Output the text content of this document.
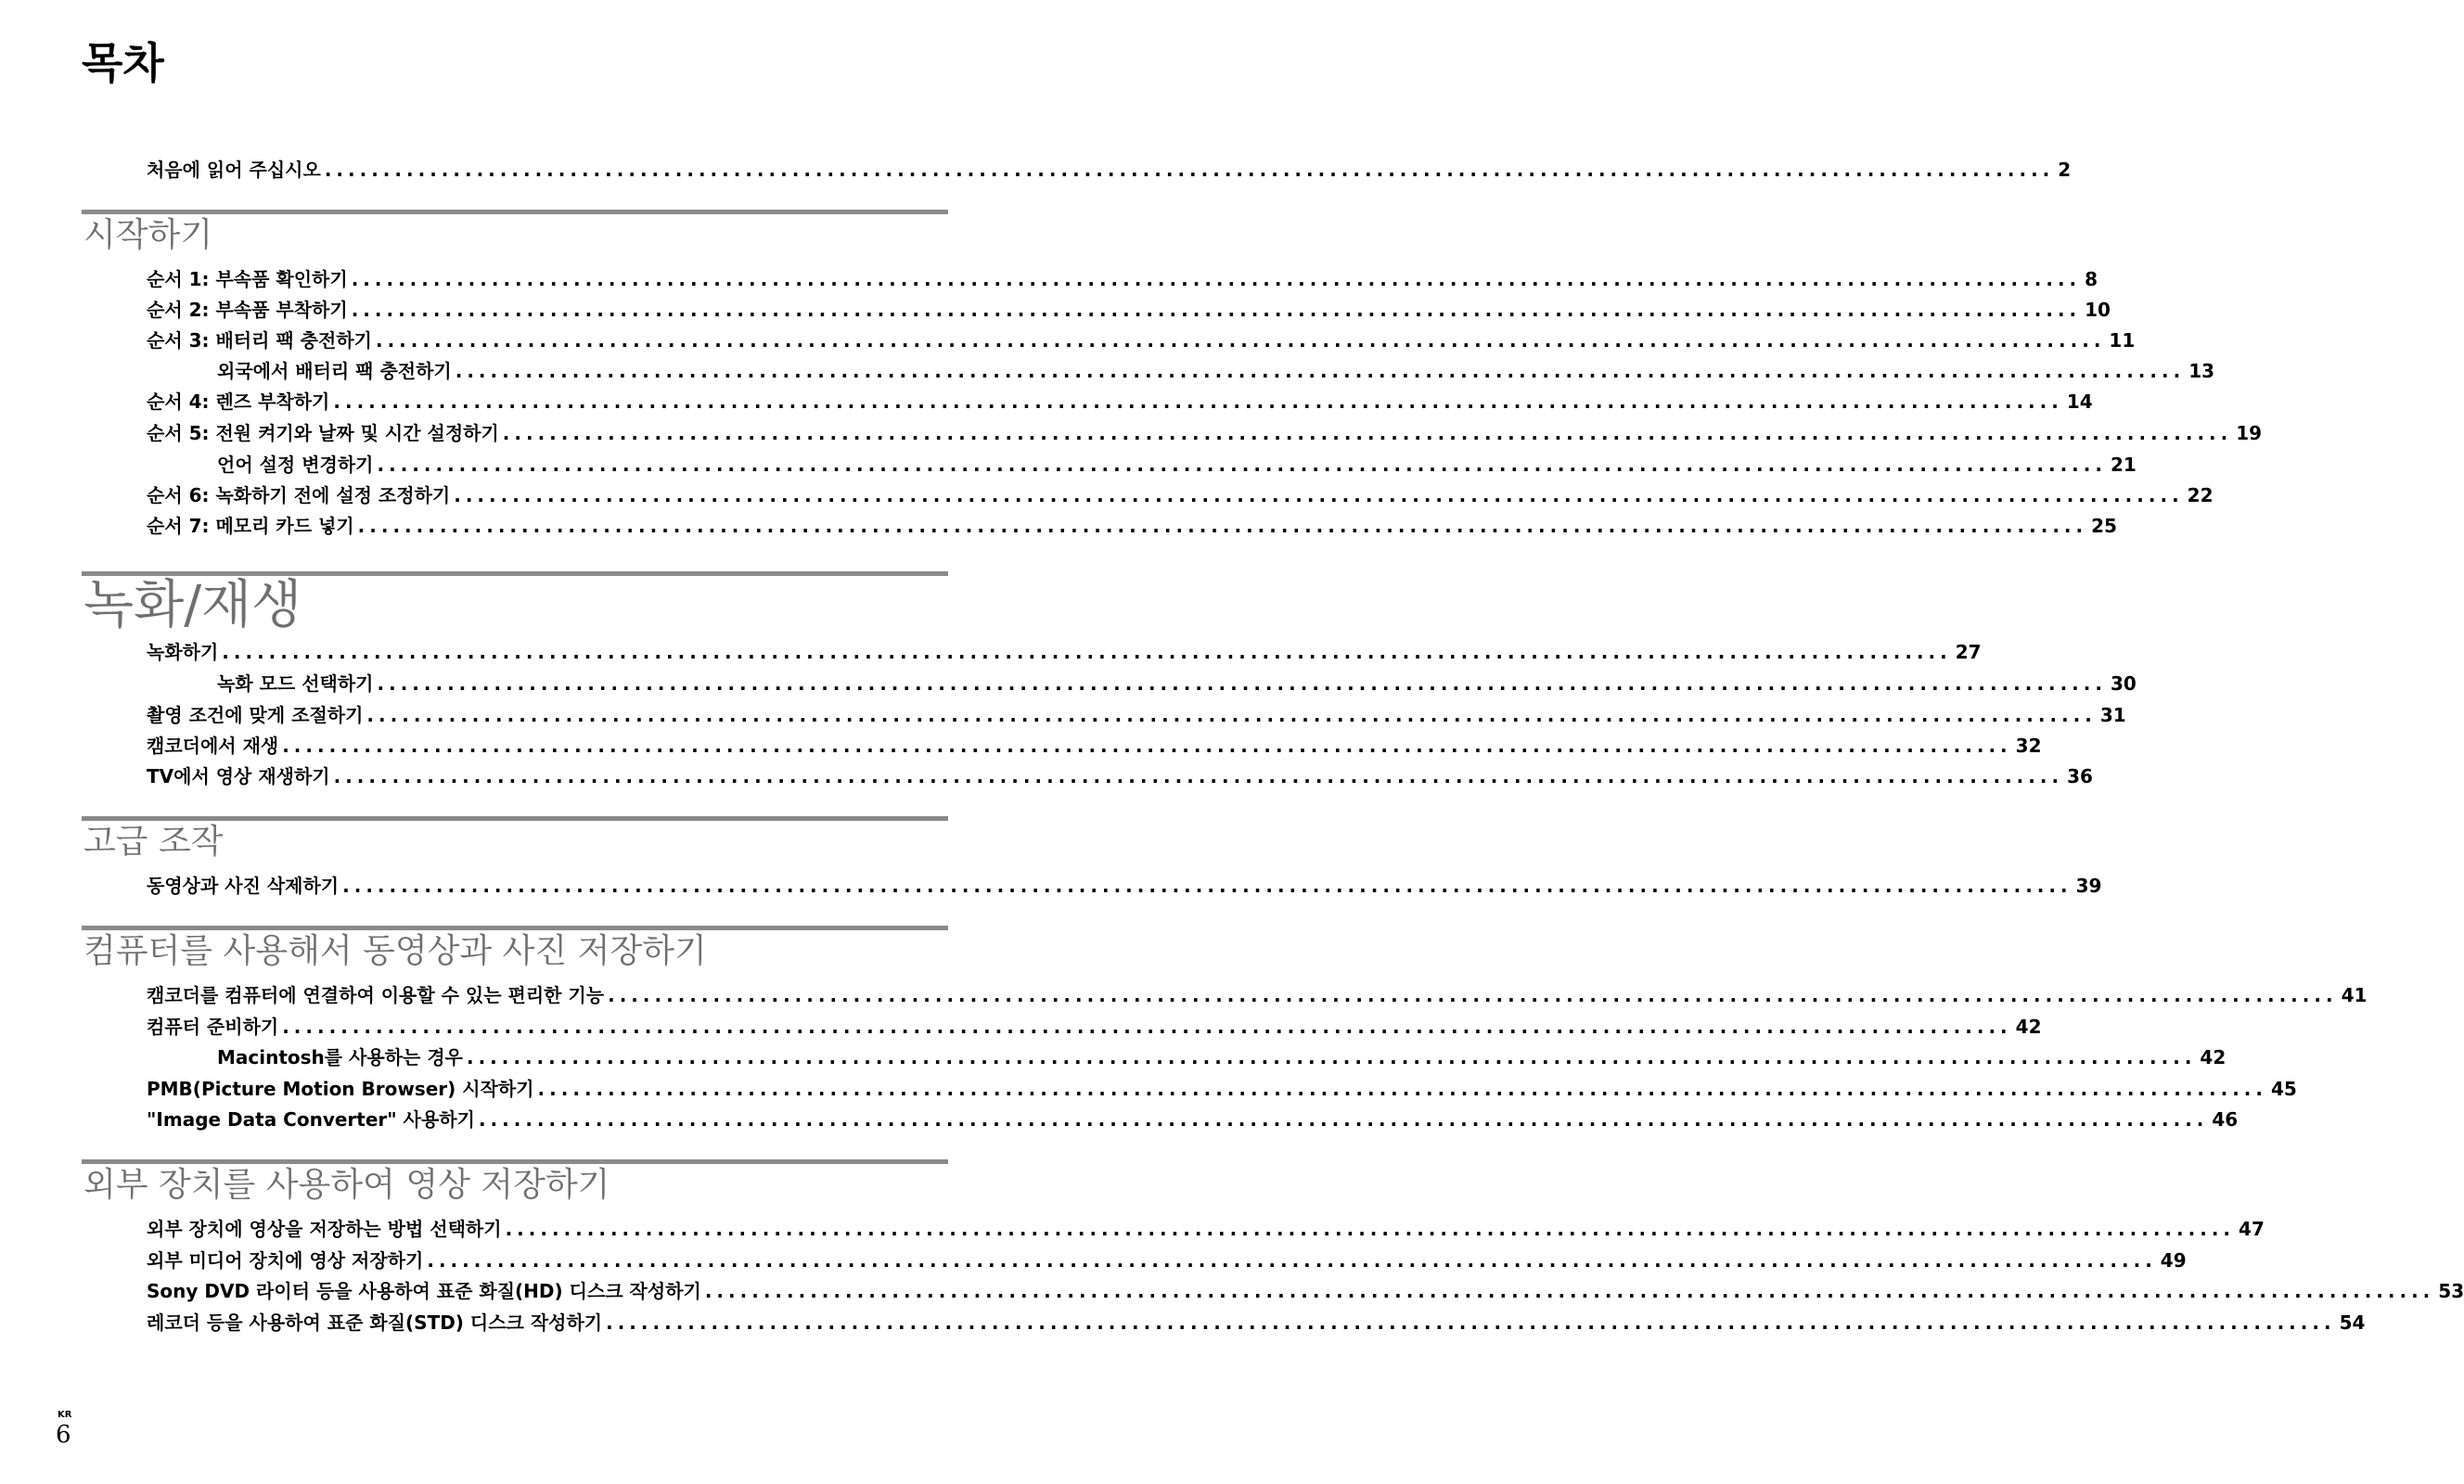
목차
처음에 읽어 주십시오 .................................................................................................................................................... 2
시작하기
순서 1: 부속품 확인하기 .................................................................................................................................................... 8
순서 2: 부속품 부착하기 .................................................................................................................................................... 10
순서 3: 배터리 팩 충전하기 .................................................................................................................................................... 11
외국에서 배터리 팩 충전하기 .................................................................................................................................................... 13
순서 4: 렌즈 부착하기 .................................................................................................................................................... 14
순서 5: 전원 켜기와 날짜 및 시간 설정하기 .................................................................................................................................................... 19
언어 설정 변경하기 .................................................................................................................................................... 21
순서 6: 녹화하기 전에 설정 조정하기 .................................................................................................................................................... 22
순서 7: 메모리 카드 넣기 .................................................................................................................................................... 25
녹화/재생
녹화하기 .................................................................................................................................................... 27
녹화 모드 선택하기 .................................................................................................................................................... 30
촬영 조건에 맞게 조절하기 .................................................................................................................................................... 31
캠코더에서 재생 .................................................................................................................................................... 32
TV에서 영상 재생하기 .................................................................................................................................................... 36
고급 조작
동영상과 사진 삭제하기 .................................................................................................................................................... 39
컴퓨터를 사용해서 동영상과 사진 저장하기
캠코더를 컴퓨터에 연결하여 이용할 수 있는 편리한 기능 .................................................................................................................................................... 41
컴퓨터 준비하기 .................................................................................................................................................... 42
Macintosh를 사용하는 경우 .................................................................................................................................................... 42
PMB(Picture Motion Browser) 시작하기 .................................................................................................................................................... 45
"Image Data Converter" 사용하기 .................................................................................................................................................... 46
외부 장치를 사용하여 영상 저장하기
외부 장치에 영상을 저장하는 방법 선택하기 .................................................................................................................................................... 47
외부 미디어 장치에 영상 저장하기 .................................................................................................................................................... 49
Sony DVD 라이터 등을 사용하여 표준 화질(HD) 디스크 작성하기 .................................................................................................................................................... 53
레코더 등을 사용하여 표준 화질(STD) 디스크 작성하기 .................................................................................................................................................... 54
KR
6
